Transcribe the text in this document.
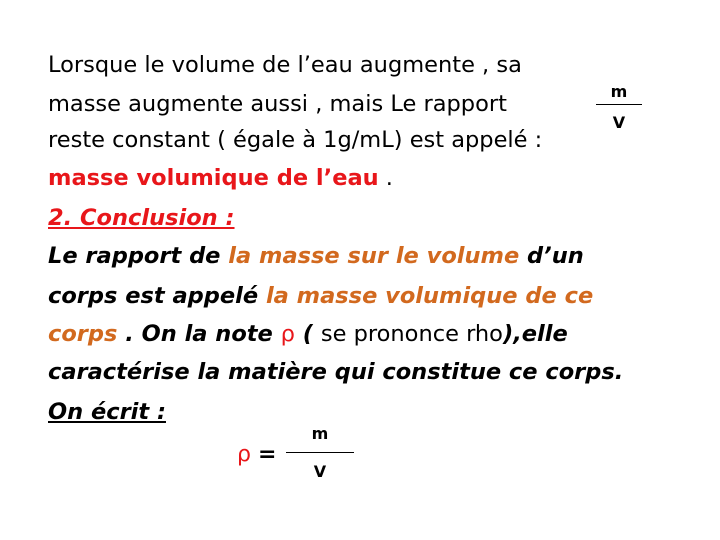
Lorsque le volume de l’eau augmente , sa
masse augmente aussi , mais Le rapport	m
V
reste constant ( égale à 1g/mL) est appelé :
masse volumique de l’eau .
2. Conclusion :
Le rapport de la masse sur le volume d’un
corps est appelé la masse volumique de ce
corps . On la note ρ ( se prononce rho),elle
caractérise la matière qui constitue ce corps.
On écrit :
ρ =
m
V
